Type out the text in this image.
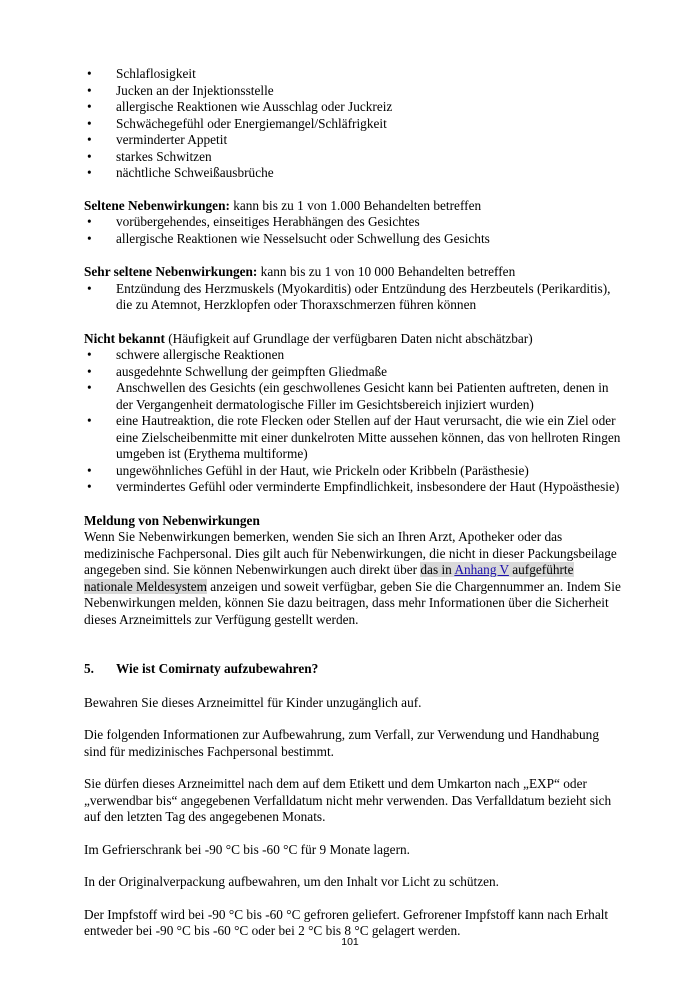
• Schlaflosigkeit
• Jucken an der Injektionsstelle
• allergische Reaktionen wie Ausschlag oder Juckreiz
• Schwächegefühl oder Energiemangel/Schläfrigkeit
• verminderter Appetit
• starkes Schwitzen
• nächtliche Schweißausbrüche

Seltene Nebenwirkungen: kann bis zu 1 von 1.000 Behandelten betreffen

• vorübergehendes, einseitiges Herabhängen des Gesichtes
• allergische Reaktionen wie Nesselsucht oder Schwellung des Gesichts

Sehr seltene Nebenwirkungen: kann bis zu 1 von 10 000 Behandelten betreffen

• Entzündung des Herzmuskels (Myokarditis) oder Entzündung des Herzbeutels (Perikarditis), die zu Atemnot, Herzklopfen oder Thoraxschmerzen führen können

Nicht bekannt (Häufigkeit auf Grundlage der verfügbaren Daten nicht abschätzbar)

• schwere allergische Reaktionen
• ausgedehnte Schwellung der geimpften Gliedmaße
• Anschwellen des Gesichts (ein geschwollenes Gesicht kann bei Patienten auftreten, denen in der Vergangenheit dermatologische Filler im Gesichtsbereich injiziert wurden)
• eine Hautreaktion, die rote Flecken oder Stellen auf der Haut verursacht, die wie ein Ziel oder eine Zielscheibenmitte mit einer dunkelroten Mitte aussehen können, das von hellroten Ringen umgeben ist (Erythema multiforme)
• ungewöhnliches Gefühl in der Haut, wie Prickeln oder Kribbeln (Parästhesie)
• vermindertes Gefühl oder verminderte Empfindlichkeit, insbesondere der Haut (Hypoästhesie)

Meldung von Nebenwirkungen

Wenn Sie Nebenwirkungen bemerken, wenden Sie sich an Ihren Arzt, Apotheker oder das medizinische Fachpersonal. Dies gilt auch für Nebenwirkungen, die nicht in dieser Packungsbeilage angegeben sind. Sie können Nebenwirkungen auch direkt über das in Anhang V aufgeführte nationale Meldesystem anzeigen und soweit verfügbar, geben Sie die Chargennummer an. Indem Sie Nebenwirkungen melden, können Sie dazu beitragen, dass mehr Informationen über die Sicherheit dieses Arzneimittels zur Verfügung gestellt werden.

5. Wie ist Comirnaty aufzubewahren?

Bewahren Sie dieses Arzneimittel für Kinder unzugänglich auf.

Die folgenden Informationen zur Aufbewahrung, zum Verfall, zur Verwendung und Handhabung sind für medizinisches Fachpersonal bestimmt.

Sie dürfen dieses Arzneimittel nach dem auf dem Etikett und dem Umkarton nach „EXP“ oder „verwendbar bis“ angegebenen Verfalldatum nicht mehr verwenden. Das Verfalldatum bezieht sich auf den letzten Tag des angegebenen Monats.

Im Gefrierschrank bei -90 °C bis -60 °C für 9 Monate lagern.

In der Originalverpackung aufbewahren, um den Inhalt vor Licht zu schützen.

Der Impfstoff wird bei -90 °C bis -60 °C gefroren geliefert. Gefrorener Impfstoff kann nach Erhalt entweder bei -90 °C bis -60 °C oder bei 2 °C bis 8 °C gelagert werden.

101
